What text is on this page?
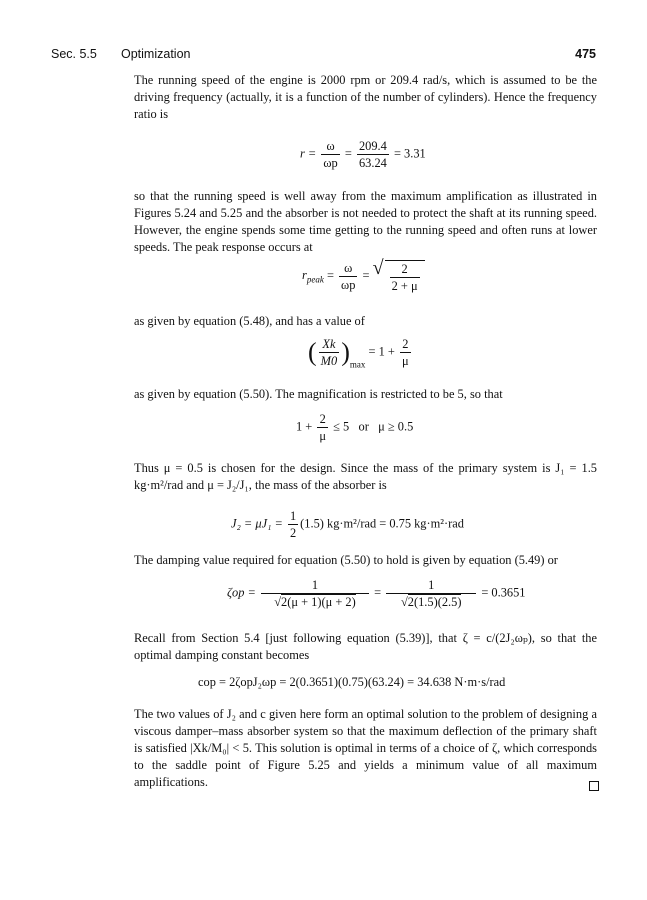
Sec. 5.5 Optimization	475

The running speed of the engine is 2000 rpm or 209.4 rad/s, which is assumed to be the driving frequency (actually, it is a function of the number of cylinders). Hence the frequency ratio is

$r = \frac{\omega}{\omega p} = \frac{209.4}{63.24} = 3.31$

so that the running speed is well away from the maximum amplification as illustrated in Figures 5.24 and 5.25 and the absorber is not needed to protect the shaft at its running speed. However, the engine spends some time getting to the running speed and often runs at lower speeds. The peak response occurs at

$r_{peak} = \frac{\omega}{\omega p}$ = √ $\frac{2}{2 + \mu}$

as given by equation (5.48), and has a value of

( $\frac{Xk}{M0} )_{max} = 1 + \frac{2}{\mu}$

as given by equation (5.50). The magnification is restricted to be 5, so that

$1 + \frac{2}{\mu} \le 5$   or   μ ≥ 0.5

Thus μ = 0.5 is chosen for the design. Since the mass of the primary system is J₁ = 1.5 kg·m²/rad and μ = J₂/J₁, the mass of the absorber is

$J_2 = \mu J_1 = \frac{1}{2} (1.5) kg\cdot m^2/rad = 0.75$ kg·m²·rad

The damping value required for equation (5.50) to hold is given by equation (5.49) or

$\zeta op = \frac{1}{√2(\mu + 1)(\mu + 2)} = \frac{1}{√2(1.5)(2.5)} = 0.3651$

Recall from Section 5.4 [just following equation (5.39)], that ζ = c/(2J₂ωₚ), so that the optimal damping constant becomes

cop = 2ζopJ₂ωp = 2(0.3651)(0.75)(63.24) = 34.638 N·m·s/rad

The two values of J₂ and c given here form an optimal solution to the problem of designing a viscous damper–mass absorber system so that the maximum deflection of the primary shaft is satisfied |Xk/M₀| < 5. This solution is optimal in terms of a choice of ζ, which corresponds to the saddle point of Figure 5.25 and yields a minimum value of all maximum amplifications.
